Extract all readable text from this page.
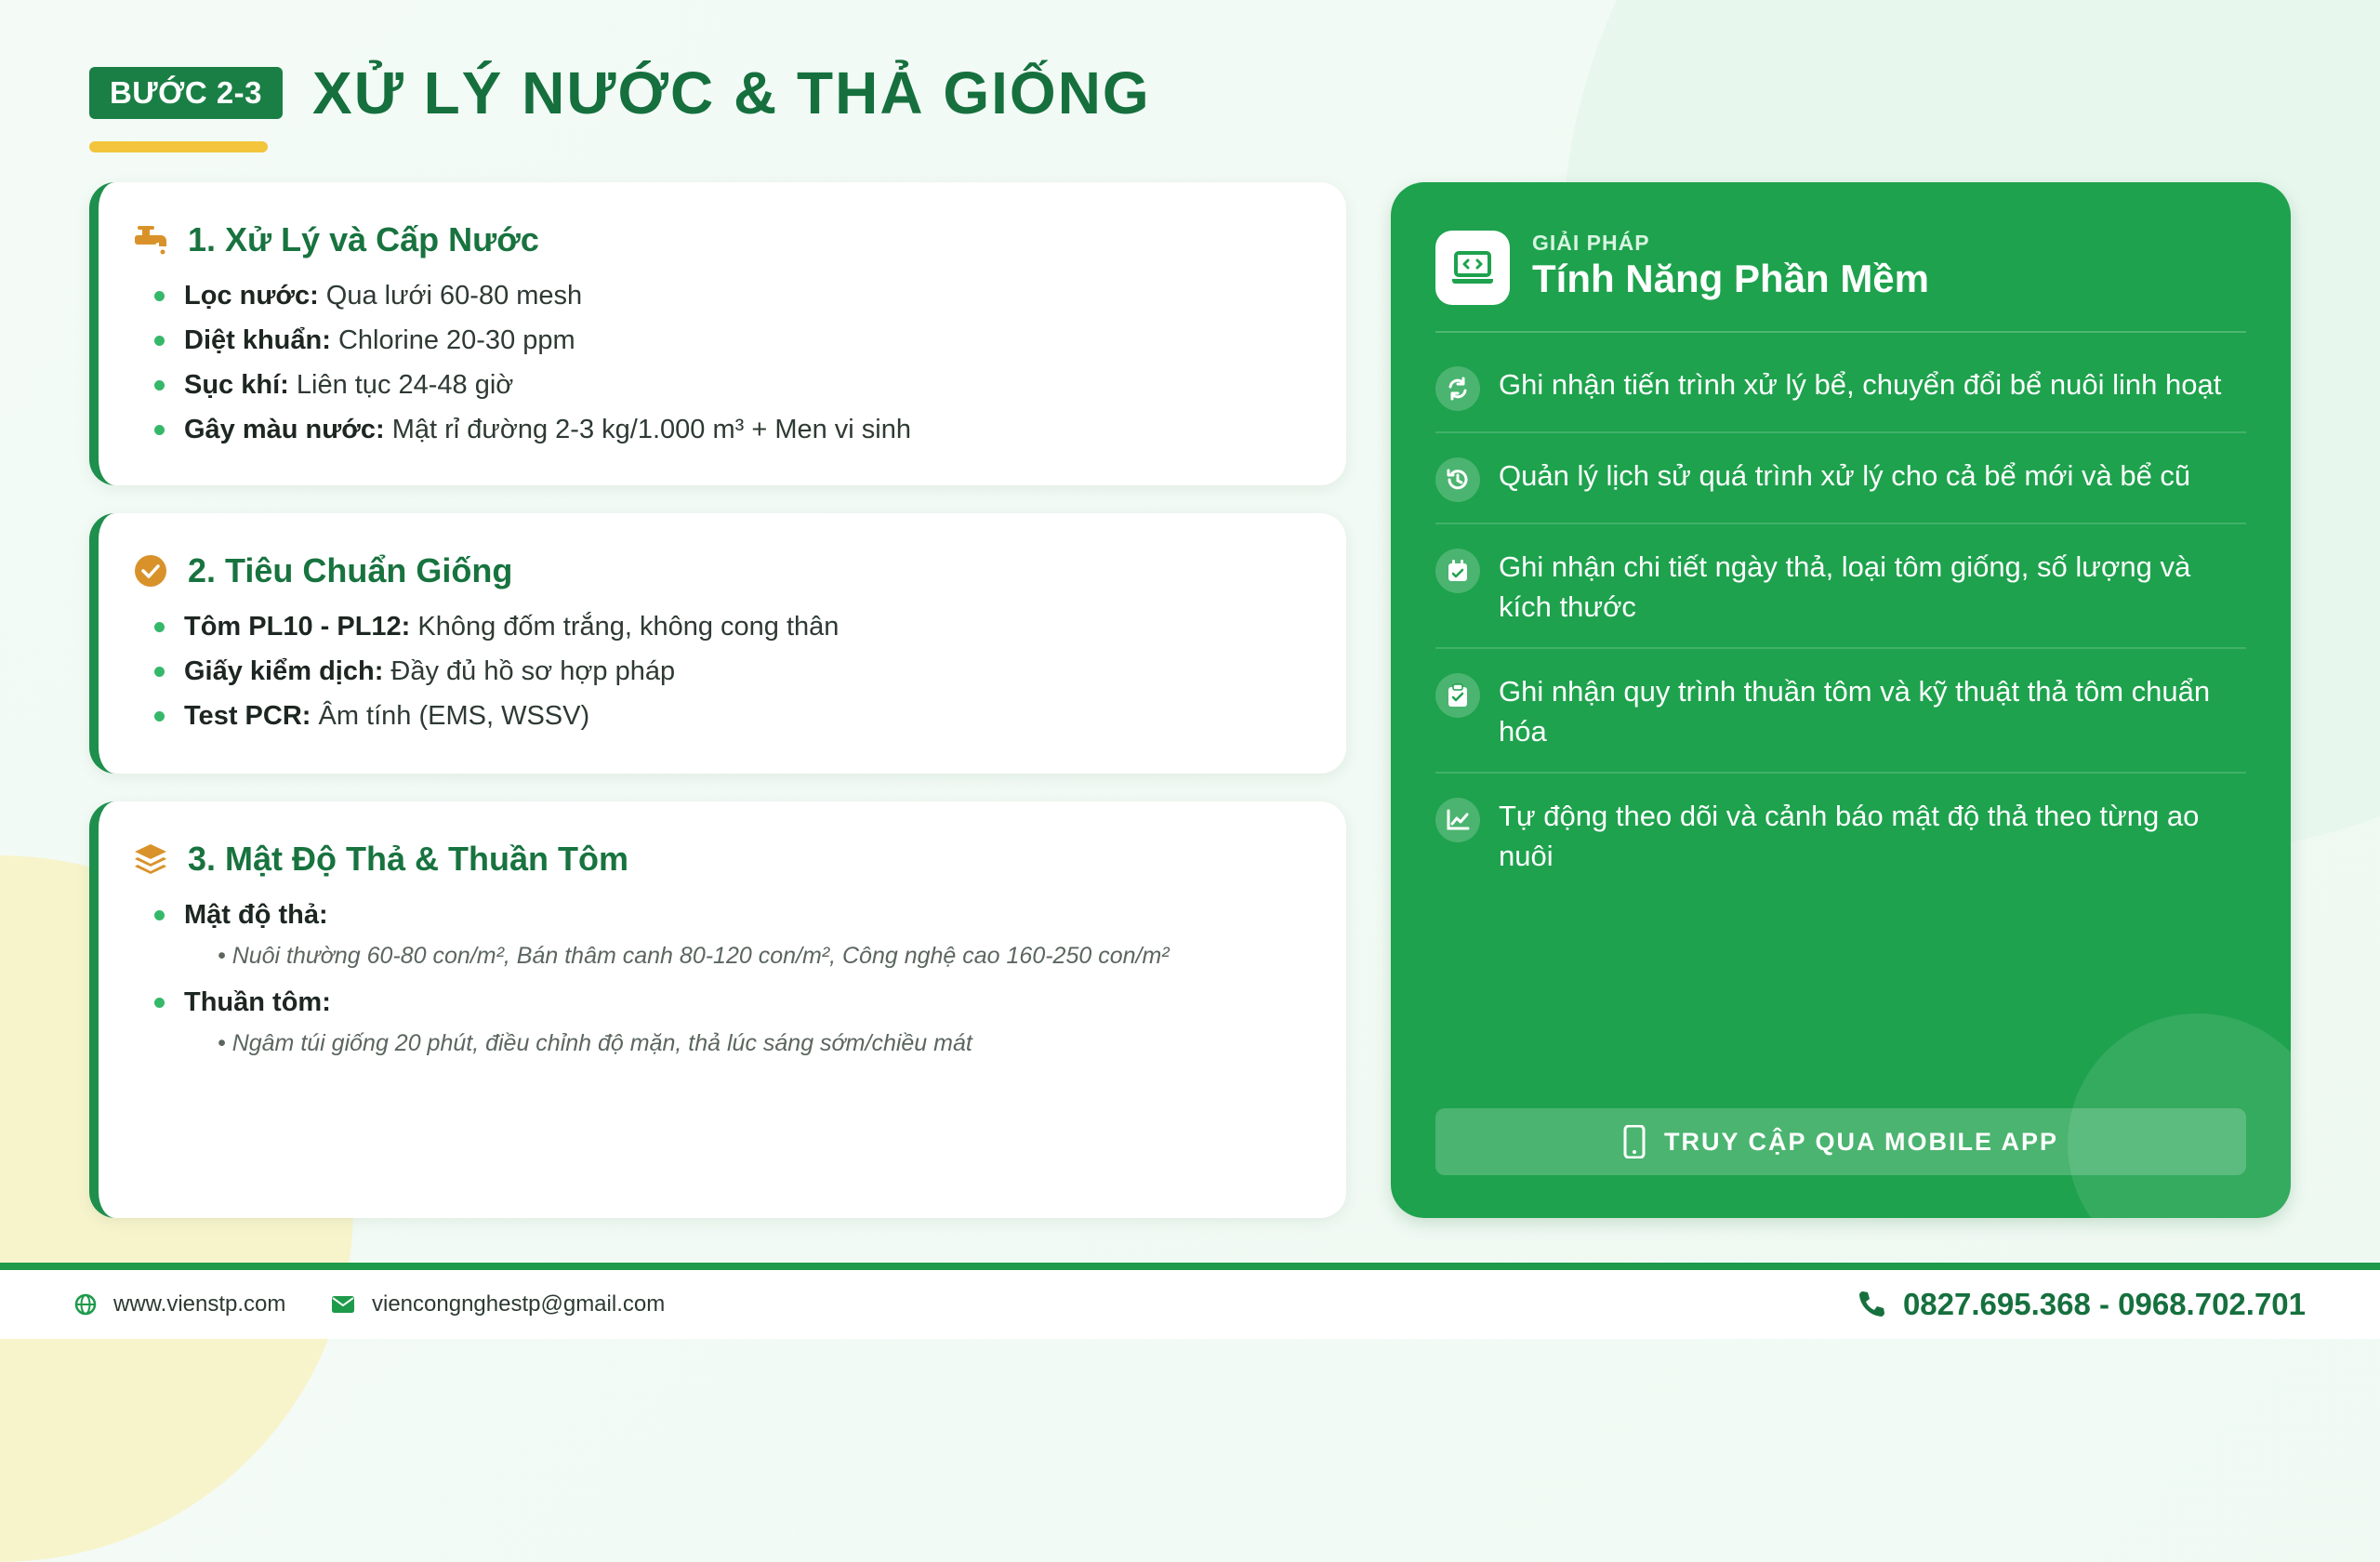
BƯỚC 2-3 XỬ LÝ NƯỚC & THẢ GIỐNG
1. Xử Lý và Cấp Nước
Lọc nước: Qua lưới 60-80 mesh
Diệt khuẩn: Chlorine 20-30 ppm
Sục khí: Liên tục 24-48 giờ
Gây màu nước: Mật rỉ đường 2-3 kg/1.000 m³ + Men vi sinh
2. Tiêu Chuẩn Giống
Tôm PL10 - PL12: Không đốm trắng, không cong thân
Giấy kiểm dịch: Đầy đủ hồ sơ hợp pháp
Test PCR: Âm tính (EMS, WSSV)
3. Mật Độ Thả & Thuần Tôm
Mật độ thả:
• Nuôi thường 60-80 con/m², Bán thâm canh 80-120 con/m², Công nghệ cao 160-250 con/m²
Thuần tôm:
• Ngâm túi giống 20 phút, điều chỉnh độ mặn, thả lúc sáng sớm/chiều mát
GIẢI PHÁP
Tính Năng Phần Mềm
Ghi nhận tiến trình xử lý bể, chuyển đổi bể nuôi linh hoạt
Quản lý lịch sử quá trình xử lý cho cả bể mới và bể cũ
Ghi nhận chi tiết ngày thả, loại tôm giống, số lượng và kích thước
Ghi nhận quy trình thuần tôm và kỹ thuật thả tôm chuẩn hóa
Tự động theo dõi và cảnh báo mật độ thả theo từng ao nuôi
TRUY CẬP QUA MOBILE APP
www.vienstp.com	viencongnghestp@gmail.com	0827.695.368 - 0968.702.701
